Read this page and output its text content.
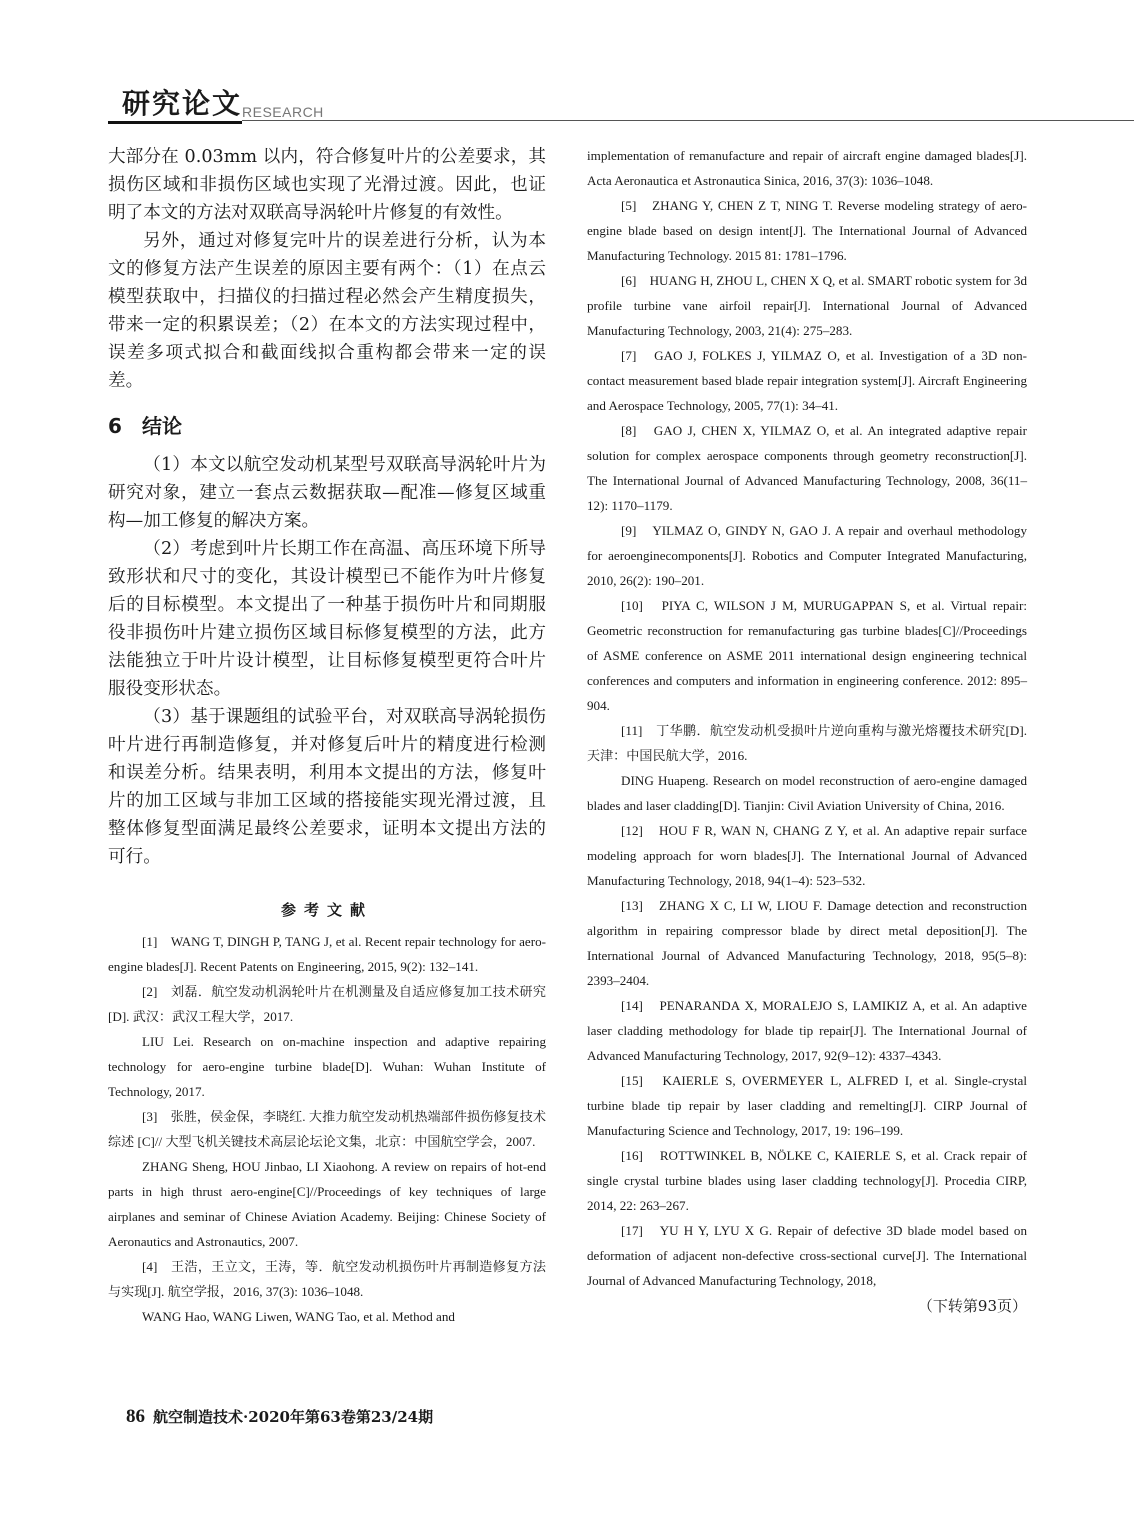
研究论文 RESEARCH

大部分在 0.03mm 以内，符合修复叶片的公差要求，其损伤区域和非损伤区域也实现了光滑过渡。因此，也证明了本文的方法对双联高导涡轮叶片修复的有效性。

另外，通过对修复完叶片的误差进行分析，认为本文的修复方法产生误差的原因主要有两个：（1）在点云模型获取中，扫描仪的扫描过程必然会产生精度损失，带来一定的积累误差；（2）在本文的方法实现过程中，误差多项式拟合和截面线拟合重构都会带来一定的误差。

6 结论

（1）本文以航空发动机某型号双联高导涡轮叶片为研究对象，建立一套点云数据获取—配准—修复区域重构—加工修复的解决方案。

（2）考虑到叶片长期工作在高温、高压环境下所导致形状和尺寸的变化，其设计模型已不能作为叶片修复后的目标模型。本文提出了一种基于损伤叶片和同期服役非损伤叶片建立损伤区域目标修复模型的方法，此方法能独立于叶片设计模型，让目标修复模型更符合叶片服役变形状态。

（3）基于课题组的试验平台，对双联高导涡轮损伤叶片进行再制造修复，并对修复后叶片的精度进行检测和误差分析。结果表明，利用本文提出的方法，修复叶片的加工区域与非加工区域的搭接能实现光滑过渡，且整体修复型面满足最终公差要求，证明本文提出方法的可行。

参考文献

[1]　WANG T, DINGH P, TANG J, et al. Recent repair technology for aero-engine blades[J]. Recent Patents on Engineering, 2015, 9(2): 132–141.

[2]　刘磊．航空发动机涡轮叶片在机测量及自适应修复加工技术研究[D]. 武汉：武汉工程大学，2017.

LIU Lei. Research on on-machine inspection and adaptive repairing technology for aero-engine turbine blade[D]. Wuhan: Wuhan Institute of Technology, 2017.

[3]　张胜，侯金保，李晓红. 大推力航空发动机热端部件损伤修复技术综述 [C]// 大型飞机关键技术高层论坛论文集，北京：中国航空学会，2007.

ZHANG Sheng, HOU Jinbao, LI Xiaohong. A review on repairs of hot-end parts in high thrust aero-engine[C]//Proceedings of key techniques of large airplanes and seminar of Chinese Aviation Academy. Beijing: Chinese Society of Aeronautics and Astronautics, 2007.

[4]　王浩，王立文，王涛，等．航空发动机损伤叶片再制造修复方法与实现[J]. 航空学报，2016, 37(3): 1036–1048.

WANG Hao, WANG Liwen, WANG Tao, et al. Method and

implementation of remanufacture and repair of aircraft engine damaged blades[J]. Acta Aeronautica et Astronautica Sinica, 2016, 37(3): 1036–1048.

[5]　ZHANG Y, CHEN Z T, NING T. Reverse modeling strategy of aero-engine blade based on design intent[J]. The International Journal of Advanced Manufacturing Technology. 2015 81: 1781–1796.

[6]　HUANG H, ZHOU L, CHEN X Q, et al. SMART robotic system for 3d profile turbine vane airfoil repair[J]. International Journal of Advanced Manufacturing Technology, 2003, 21(4): 275–283.

[7]　GAO J, FOLKES J, YILMAZ O, et al. Investigation of a 3D non-contact measurement based blade repair integration system[J]. Aircraft Engineering and Aerospace Technology, 2005, 77(1): 34–41.

[8]　GAO J, CHEN X, YILMAZ O, et al. An integrated adaptive repair solution for complex aerospace components through geometry reconstruction[J]. The International Journal of Advanced Manufacturing Technology, 2008, 36(11–12): 1170–1179.

[9]　YILMAZ O, GINDY N, GAO J. A repair and overhaul methodology for aeroenginecomponents[J]. Robotics and Computer Integrated Manufacturing, 2010, 26(2): 190–201.

[10]　PIYA C, WILSON J M, MURUGAPPAN S, et al. Virtual repair: Geometric reconstruction for remanufacturing gas turbine blades[C]//Proceedings of ASME conference on ASME 2011 international design engineering technical conferences and computers and information in engineering conference. 2012: 895–904.

[11]　丁华鹏．航空发动机受损叶片逆向重构与激光熔覆技术研究[D]. 天津：中国民航大学，2016.

DING Huapeng. Research on model reconstruction of aero-engine damaged blades and laser cladding[D]. Tianjin: Civil Aviation University of China, 2016.

[12]　HOU F R, WAN N, CHANG Z Y, et al. An adaptive repair surface modeling approach for worn blades[J]. The International Journal of Advanced Manufacturing Technology, 2018, 94(1–4): 523–532.

[13]　ZHANG X C, LI W, LIOU F. Damage detection and reconstruction algorithm in repairing compressor blade by direct metal deposition[J]. The International Journal of Advanced Manufacturing Technology, 2018, 95(5–8): 2393–2404.

[14]　PENARANDA X, MORALEJO S, LAMIKIZ A, et al. An adaptive laser cladding methodology for blade tip repair[J]. The International Journal of Advanced Manufacturing Technology, 2017, 92(9–12): 4337–4343.

[15]　KAIERLE S, OVERMEYER L, ALFRED I, et al. Single-crystal turbine blade tip repair by laser cladding and remelting[J]. CIRP Journal of Manufacturing Science and Technology, 2017, 19: 196–199.

[16]　ROTTWINKEL B, NÖLKE C, KAIERLE S, et al. Crack repair of single crystal turbine blades using laser cladding technology[J]. Procedia CIRP, 2014, 22: 263–267.

[17]　YU H Y, LYU X G. Repair of defective 3D blade model based on deformation of adjacent non-defective cross-sectional curve[J]. The International Journal of Advanced Manufacturing Technology, 2018,

（下转第93页）
86 航空制造技术·2020年第63卷第23/24期
